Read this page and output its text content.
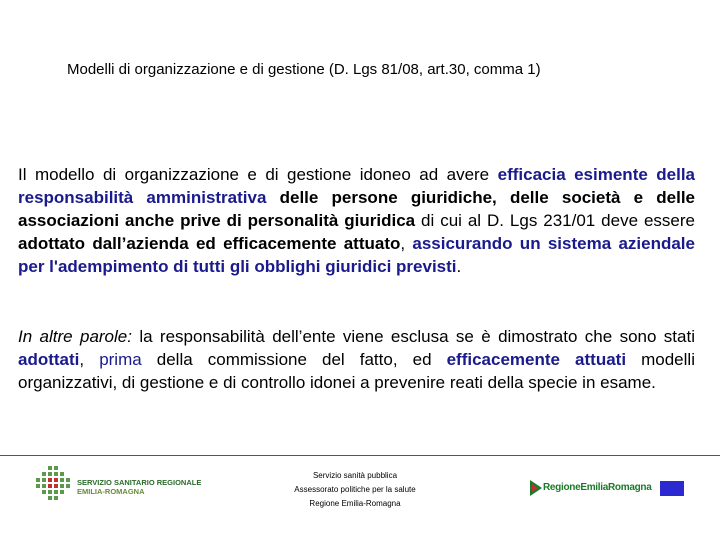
Modelli di organizzazione e di gestione (D. Lgs 81/08, art.30, comma 1)

Il modello di organizzazione e di gestione idoneo ad avere efficacia esimente della responsabilità amministrativa delle persone giuridiche, delle società e delle associazioni anche prive di personalità giuridica di cui al D. Lgs 231/01 deve essere adottato dall’azienda ed efficacemente attuato, assicurando un sistema aziendale per l'adempimento di tutti gli obblighi giuridici previsti.

In altre parole: la responsabilità dell’ente viene esclusa se è dimostrato che sono stati adottati, prima della commissione del fatto, ed efficacemente attuati modelli organizzativi, di gestione e di controllo idonei a prevenire reati della specie in esame.

SERVIZIO SANITARIO REGIONALE
EMILIA-ROMAGNA
Servizio sanità pubblica
Assessorato politiche per la salute
Regione Emilia-Romagna
RegioneEmiliaRomagna
